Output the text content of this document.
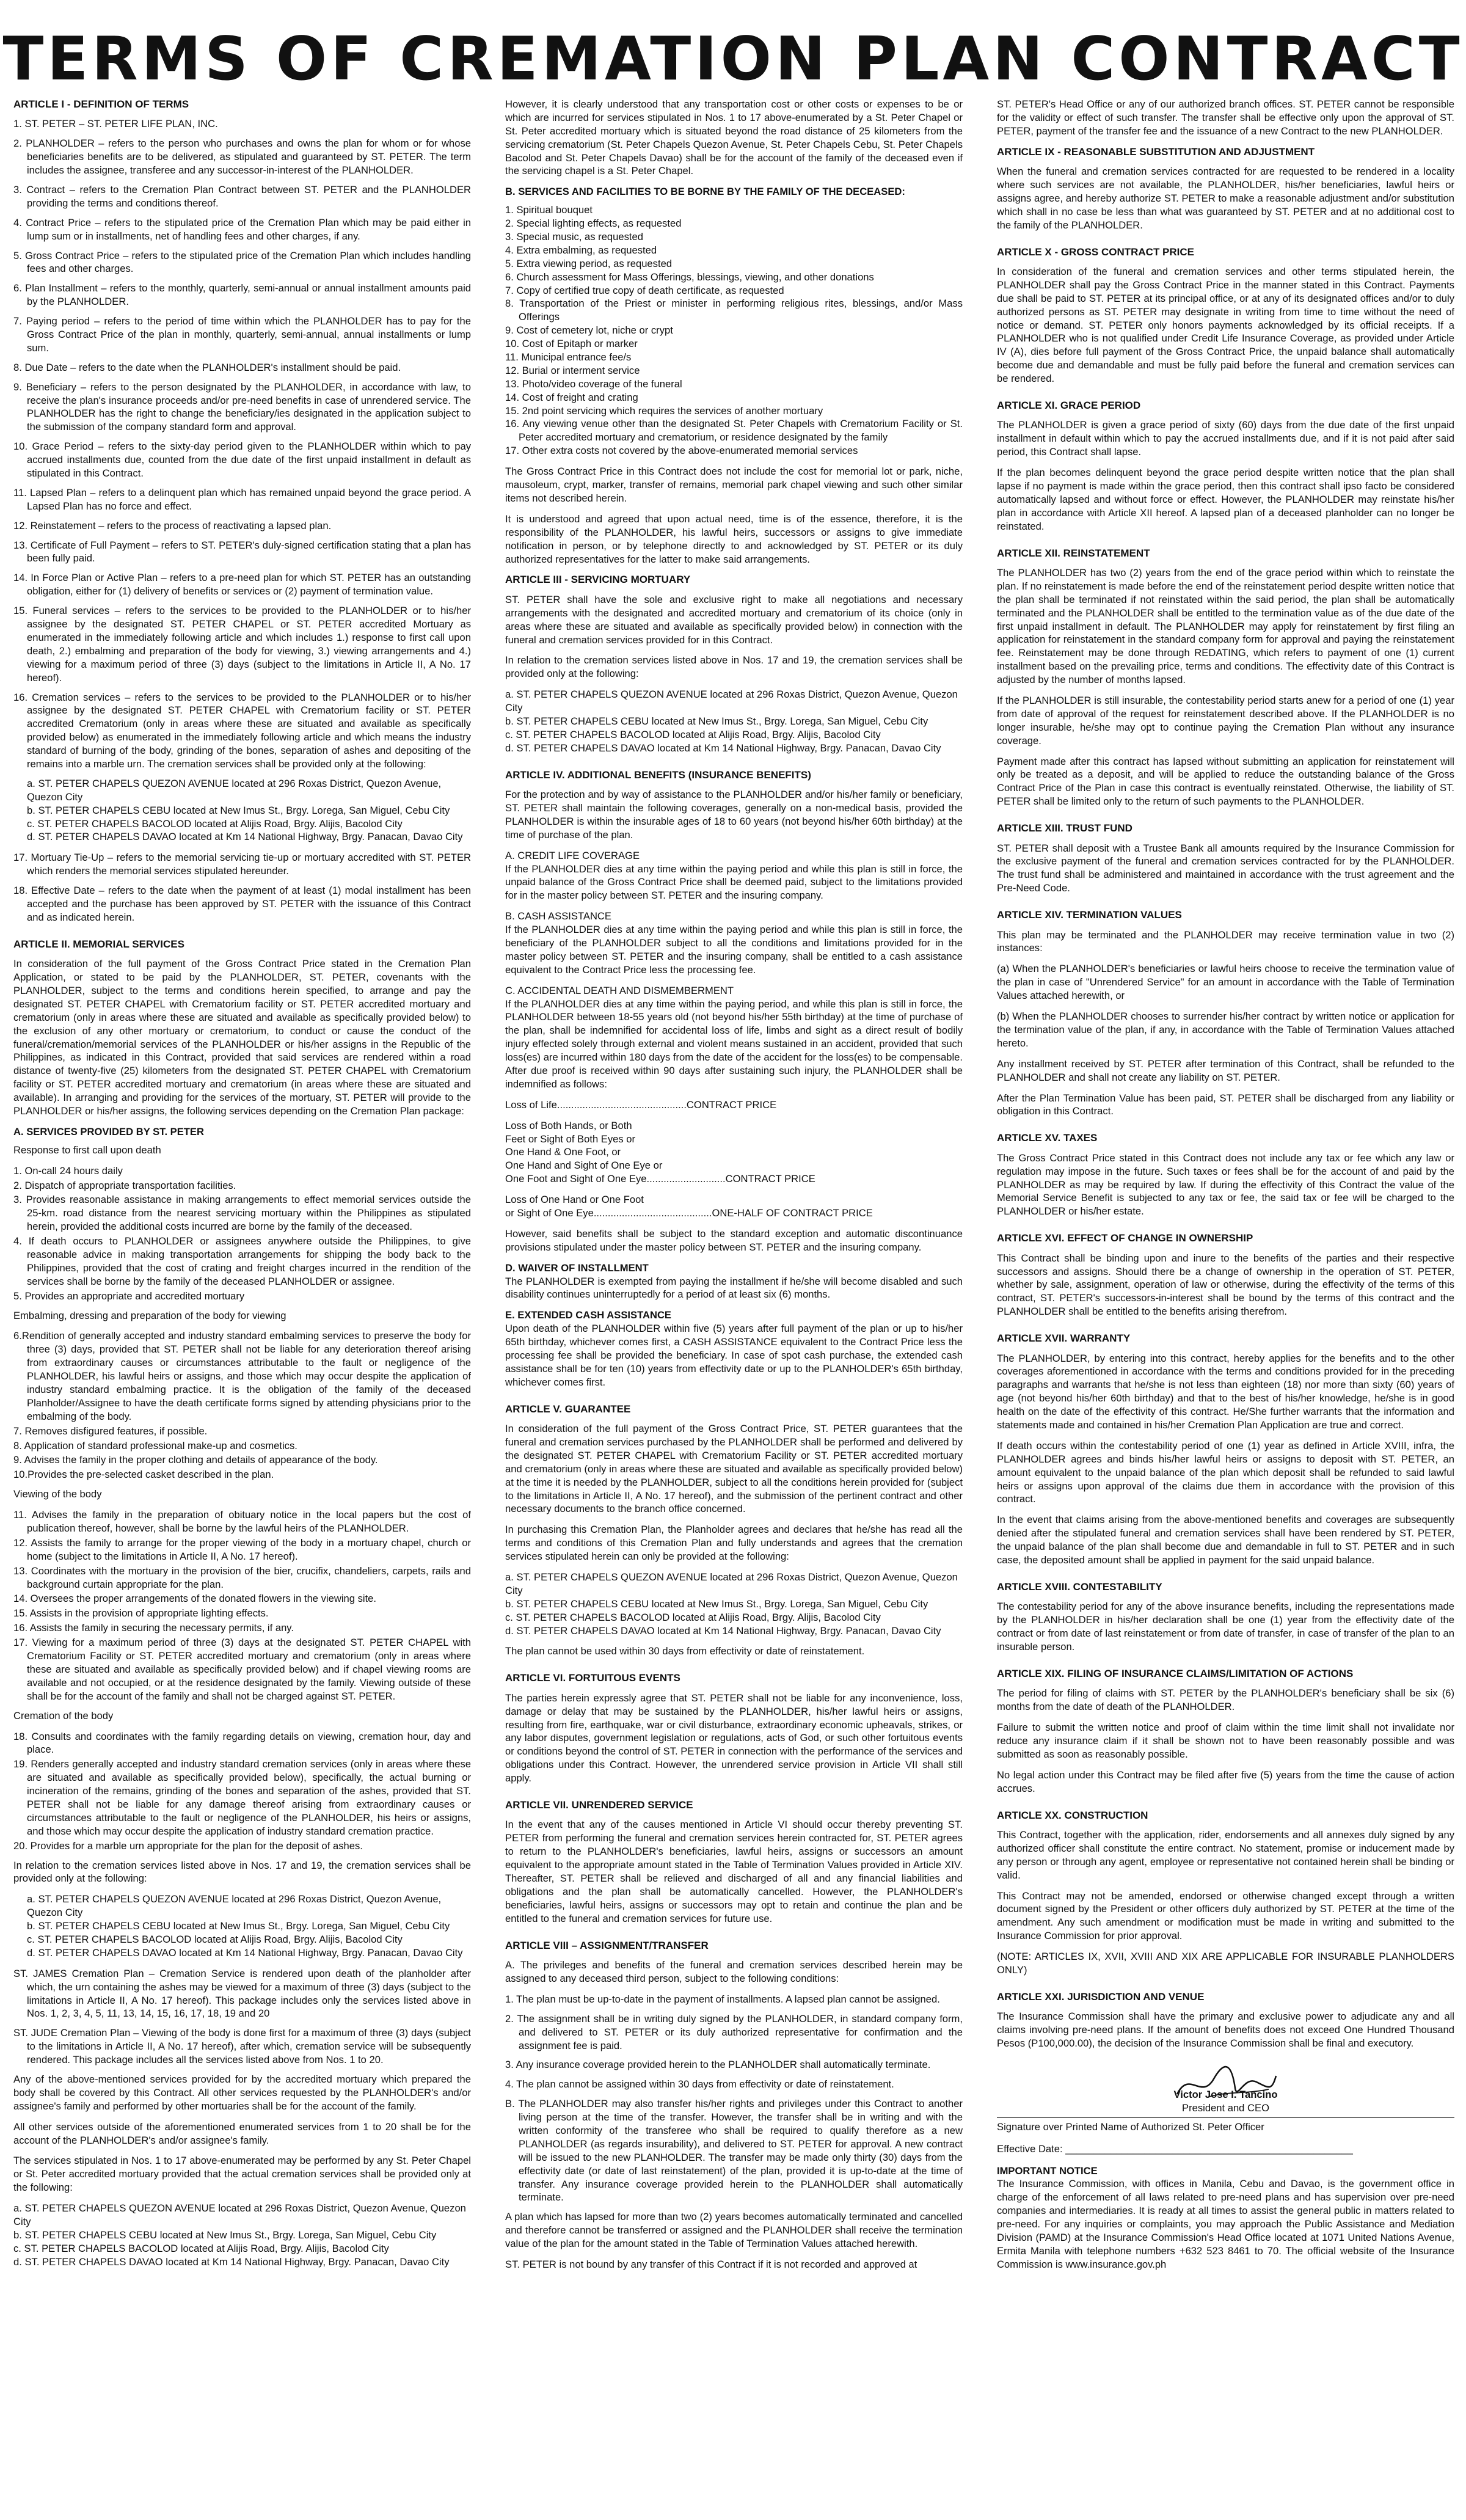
TERMS OF CREMATION PLAN CONTRACT
ARTICLE I - DEFINITION OF TERMS

1. ST. PETER – ST. PETER LIFE PLAN, INC.

2. PLANHOLDER – refers to the person who purchases and owns the plan for whom or for whose beneficiaries benefits are to be delivered, as stipulated and guaranteed by ST. PETER. The term includes the assignee, transferee and any successor-in-interest of the PLANHOLDER.

3. Contract – refers to the Cremation Plan Contract between ST. PETER and the PLANHOLDER providing the terms and conditions thereof.

4. Contract Price – refers to the stipulated price of the Cremation Plan which may be paid either in lump sum or in installments, net of handling fees and other charges, if any.

5. Gross Contract Price – refers to the stipulated price of the Cremation Plan which includes handling fees and other charges.

6. Plan Installment – refers to the monthly, quarterly, semi-annual or annual installment amounts paid by the PLANHOLDER.

7. Paying period – refers to the period of time within which the PLANHOLDER has to pay for the Gross Contract Price of the plan in monthly, quarterly, semi-annual, annual installments or lump sum.

8. Due Date – refers to the date when the PLANHOLDER's installment should be paid.

9. Beneficiary – refers to the person designated by the PLANHOLDER, in accordance with law, to receive the plan's insurance proceeds and/or pre-need benefits in case of unrendered service. The PLANHOLDER has the right to change the beneficiary/ies designated in the application subject to the submission of the company standard form and approval.

10. Grace Period – refers to the sixty-day period given to the PLANHOLDER within which to pay accrued installments due, counted from the due date of the first unpaid installment in default as stipulated in this Contract.

11. Lapsed Plan – refers to a delinquent plan which has remained unpaid beyond the grace period. A Lapsed Plan has no force and effect.

12. Reinstatement – refers to the process of reactivating a lapsed plan.

13. Certificate of Full Payment – refers to ST. PETER's duly-signed certification stating that a plan has been fully paid.

14. In Force Plan or Active Plan – refers to a pre-need plan for which ST. PETER has an outstanding obligation, either for (1) delivery of benefits or services or (2) payment of termination value.

15. Funeral services – refers to the services to be provided to the PLANHOLDER or to his/her assignee by the designated ST. PETER CHAPEL or ST. PETER accredited Mortuary as enumerated in the immediately following article and which includes 1.) response to first call upon death, 2.) embalming and preparation of the body for viewing, 3.) viewing arrangements and 4.) viewing for a maximum period of three (3) days (subject to the limitations in Article II, A No. 17 hereof).

16. Cremation services – refers to the services to be provided to the PLANHOLDER or to his/her assignee by the designated ST. PETER CHAPEL with Crematorium facility or ST. PETER accredited Crematorium (only in areas where these are situated and available as specifically provided below) as enumerated in the immediately following article and which means the industry standard of burning of the body, grinding of the bones, separation of ashes and depositing of the remains into a marble urn. The cremation services shall be provided only at the following:

a. ST. PETER CHAPELS QUEZON AVENUE located at 296 Roxas District, Quezon Avenue, Quezon City

b. ST. PETER CHAPELS CEBU located at New Imus St., Brgy. Lorega, San Miguel, Cebu City

c. ST. PETER CHAPELS BACOLOD located at Alijis Road, Brgy. Alijis, Bacolod City

d. ST. PETER CHAPELS DAVAO located at Km 14 National Highway, Brgy. Panacan, Davao City

17. Mortuary Tie-Up – refers to the memorial servicing tie-up or mortuary accredited with ST. PETER which renders the memorial services stipulated hereunder.

18. Effective Date – refers to the date when the payment of at least (1) modal installment has been accepted and the purchase has been approved by ST. PETER with the issuance of this Contract and as indicated herein.

ARTICLE II. MEMORIAL SERVICES

In consideration of the full payment of the Gross Contract Price stated in the Cremation Plan Application, or stated to be paid by the PLANHOLDER, ST. PETER, covenants with the PLANHOLDER, subject to the terms and conditions herein specified, to arrange and pay the designated ST. PETER CHAPEL with Crematorium facility or ST. PETER accredited mortuary and crematorium (only in areas where these are situated and available as specifically provided below) to the exclusion of any other mortuary or crematorium, to conduct or cause the conduct of the funeral/cremation/memorial services of the PLANHOLDER or his/her assigns in the Republic of the Philippines, as indicated in this Contract, provided that said services are rendered within a road distance of twenty-five (25) kilometers from the designated ST. PETER CHAPEL with Crematorium facility or ST. PETER accredited mortuary and crematorium (in areas where these are situated and available). In arranging and providing for the services of the mortuary, ST. PETER will provide to the PLANHOLDER or his/her assigns, the following services depending on the Cremation Plan package:

A. SERVICES PROVIDED BY ST. PETER

Response to first call upon death

1. On-call 24 hours daily

2. Dispatch of appropriate transportation facilities.

3. Provides reasonable assistance in making arrangements to effect memorial services outside the 25-km. road distance from the nearest servicing mortuary within the Philippines as stipulated herein, provided the additional costs incurred are borne by the family of the deceased.

4. If death occurs to PLANHOLDER or assignees anywhere outside the Philippines, to give reasonable advice in making transportation arrangements for shipping the body back to the Philippines, provided that the cost of crating and freight charges incurred in the rendition of the services shall be borne by the family of the deceased PLANHOLDER or assignee.

5. Provides an appropriate and accredited mortuary

Embalming, dressing and preparation of the body for viewing

6.Rendition of generally accepted and industry standard embalming services to preserve the body for three (3) days, provided that ST. PETER shall not be liable for any deterioration thereof arising from extraordinary causes or circumstances attributable to the fault or negligence of the PLANHOLDER, his lawful heirs or assigns, and those which may occur despite the application of industry standard embalming practice. It is the obligation of the family of the deceased Planholder/Assignee to have the death certificate forms signed by attending physicians prior to the embalming of the body.

7. Removes disfigured features, if possible.

8. Application of standard professional make-up and cosmetics.

9. Advises the family in the proper clothing and details of appearance of the body.

10.Provides the pre-selected casket described in the plan.

Viewing of the body

11. Advises the family in the preparation of obituary notice in the local papers but the cost of publication thereof, however, shall be borne by the lawful heirs of the PLANHOLDER.

12. Assists the family to arrange for the proper viewing of the body in a mortuary chapel, church or home (subject to the limitations in Article II, A No. 17 hereof).

13. Coordinates with the mortuary in the provision of the bier, crucifix, chandeliers, carpets, rails and background curtain appropriate for the plan.

14. Oversees the proper arrangements of the donated flowers in the viewing site.

15. Assists in the provision of appropriate lighting effects.

16. Assists the family in securing the necessary permits, if any.

17. Viewing for a maximum period of three (3) days at the designated ST. PETER CHAPEL with Crematorium Facility or ST. PETER accredited mortuary and crematorium (only in areas where these are situated and available as specifically provided below) and if chapel viewing rooms are available and not occupied, or at the residence designated by the family. Viewing outside of these shall be for the account of the family and shall not be charged against ST. PETER.

Cremation of the body

18. Consults and coordinates with the family regarding details on viewing, cremation hour, day and place.

19. Renders generally accepted and industry standard cremation services (only in areas where these are situated and available as specifically provided below), specifically, the actual burning or incineration of the remains, grinding of the bones and separation of the ashes, provided that ST. PETER shall not be liable for any damage thereof arising from extraordinary causes or circumstances attributable to the fault or negligence of the PLANHOLDER, his heirs or assigns, and those which may occur despite the application of industry standard cremation practice.

20. Provides for a marble urn appropriate for the plan for the deposit of ashes.

In relation to the cremation services listed above in Nos. 17 and 19, the cremation services shall be provided only at the following:

a. ST. PETER CHAPELS QUEZON AVENUE located at 296 Roxas District, Quezon Avenue, Quezon City

b. ST. PETER CHAPELS CEBU located at New Imus St., Brgy. Lorega, San Miguel, Cebu City

c. ST. PETER CHAPELS BACOLOD located at Alijis Road, Brgy. Alijis, Bacolod City

d. ST. PETER CHAPELS DAVAO located at Km 14 National Highway, Brgy. Panacan, Davao City

ST. JAMES Cremation Plan – Cremation Service is rendered upon death of the planholder after which, the urn containing the ashes may be viewed for a maximum of three (3) days (subject to the limitations in Article II, A No. 17 hereof). This package includes only the services listed above in Nos. 1, 2, 3, 4, 5, 11, 13, 14, 15, 16, 17, 18, 19 and 20

ST. JUDE Cremation Plan – Viewing of the body is done first for a maximum of three (3) days (subject to the limitations in Article II, A No. 17 hereof), after which, cremation service will be subsequently rendered. This package includes all the services listed above from Nos. 1 to 20.

Any of the above-mentioned services provided for by the accredited mortuary which prepared the body shall be covered by this Contract. All other services requested by the PLANHOLDER's and/or assignee's family and performed by other mortuaries shall be for the account of the family.

All other services outside of the aforementioned enumerated services from 1 to 20 shall be for the account of the PLANHOLDER's and/or assignee's family.

The services stipulated in Nos. 1 to 17 above-enumerated may be performed by any St. Peter Chapel or St. Peter accredited mortuary provided that the actual cremation services shall be provided only at the following:

a. ST. PETER CHAPELS QUEZON AVENUE located at 296 Roxas District, Quezon Avenue, Quezon City

b. ST. PETER CHAPELS CEBU located at New Imus St., Brgy. Lorega, San Miguel, Cebu City

c. ST. PETER CHAPELS BACOLOD located at Alijis Road, Brgy. Alijis, Bacolod City

d. ST. PETER CHAPELS DAVAO located at Km 14 National Highway, Brgy. Panacan, Davao City

However, it is clearly understood that any transportation cost or other costs or expenses to be or which are incurred for services stipulated in Nos. 1 to 17 above-enumerated by a St. Peter Chapel or St. Peter accredited mortuary which is situated beyond the road distance of 25 kilometers from the servicing crematorium (St. Peter Chapels Quezon Avenue, St. Peter Chapels Cebu, St. Peter Chapels Bacolod and St. Peter Chapels Davao) shall be for the account of the family of the deceased even if the servicing chapel is a St. Peter Chapel.

B. SERVICES AND FACILITIES TO BE BORNE BY THE FAMILY OF THE DECEASED:

1. Spiritual bouquet

2. Special lighting effects, as requested

3. Special music, as requested

4. Extra embalming, as requested

5. Extra viewing period, as requested

6. Church assessment for Mass Offerings, blessings, viewing, and other donations

7. Copy of certified true copy of death certificate, as requested

8. Transportation of the Priest or minister in performing religious rites, blessings, and/or Mass Offerings

9. Cost of cemetery lot, niche or crypt

10. Cost of Epitaph or marker

11. Municipal entrance fee/s

12. Burial or interment service

13. Photo/video coverage of the funeral

14. Cost of freight and crating

15. 2nd point servicing which requires the services of another mortuary

16. Any viewing venue other than the designated St. Peter Chapels with Crematorium Facility or St. Peter accredited mortuary and crematorium, or residence designated by the family

17. Other extra costs not covered by the above-enumerated memorial services

The Gross Contract Price in this Contract does not include the cost for memorial lot or park, niche, mausoleum, crypt, marker, transfer of remains, memorial park chapel viewing and such other similar items not described herein.

It is understood and agreed that upon actual need, time is of the essence, therefore, it is the responsibility of the PLANHOLDER, his lawful heirs, successors or assigns to give immediate notification in person, or by telephone directly to and acknowledged by ST. PETER or its duly authorized representatives for the latter to make said arrangements.

ARTICLE III - SERVICING MORTUARY

ST. PETER shall have the sole and exclusive right to make all negotiations and necessary arrangements with the designated and accredited mortuary and crematorium of its choice (only in areas where these are situated and available as specifically provided below) in connection with the funeral and cremation services provided for in this Contract.

In relation to the cremation services listed above in Nos. 17 and 19, the cremation services shall be provided only at the following:

a. ST. PETER CHAPELS QUEZON AVENUE located at 296 Roxas District, Quezon Avenue, Quezon City

b. ST. PETER CHAPELS CEBU located at New Imus St., Brgy. Lorega, San Miguel, Cebu City

c. ST. PETER CHAPELS BACOLOD located at Alijis Road, Brgy. Alijis, Bacolod City

d. ST. PETER CHAPELS DAVAO located at Km 14 National Highway, Brgy. Panacan, Davao City

ARTICLE IV. ADDITIONAL BENEFITS (INSURANCE BENEFITS)

For the protection and by way of assistance to the PLANHOLDER and/or his/her family or beneficiary, ST. PETER shall maintain the following coverages, generally on a non-medical basis, provided the PLANHOLDER is within the insurable ages of 18 to 60 years (not beyond his/her 60th birthday) at the time of purchase of the plan.

A. CREDIT LIFE COVERAGE

If the PLANHOLDER dies at any time within the paying period and while this plan is still in force, the unpaid balance of the Gross Contract Price shall be deemed paid, subject to the limitations provided for in the master policy between ST. PETER and the insuring company.

B. CASH ASSISTANCE

If the PLANHOLDER dies at any time within the paying period and while this plan is still in force, the beneficiary of the PLANHOLDER subject to all the conditions and limitations provided for in the master policy between ST. PETER and the insuring company, shall be entitled to a cash assistance equivalent to the Contract Price less the processing fee.

C. ACCIDENTAL DEATH AND DISMEMBERMENT

If the PLANHOLDER dies at any time within the paying period, and while this plan is still in force, the PLANHOLDER between 18-55 years old (not beyond his/her 55th birthday) at the time of purchase of the plan, shall be indemnified for accidental loss of life, limbs and sight as a direct result of bodily injury effected solely through external and violent means sustained in an accident, provided that such loss(es) are incurred within 180 days from the date of the accident for the loss(es) to be compensable. After due proof is received within 90 days after sustaining such injury, the PLANHOLDER shall be indemnified as follows:

Loss of Life..............................................CONTRACT PRICE

Loss of Both Hands, or Both

Feet or Sight of Both Eyes or

One Hand & One Foot, or

One Hand and Sight of One Eye or

One Foot and Sight of One Eye............................CONTRACT PRICE

Loss of One Hand or One Foot

or Sight of One Eye..........................................ONE-HALF OF CONTRACT PRICE

However, said benefits shall be subject to the standard exception and automatic discontinuance provisions stipulated under the master policy between ST. PETER and the insuring company.

D. WAIVER OF INSTALLMENT

The PLANHOLDER is exempted from paying the installment if he/she will become disabled and such disability continues uninterruptedly for a period of at least six (6) months.

E. EXTENDED CASH ASSISTANCE

Upon death of the PLANHOLDER within five (5) years after full payment of the plan or up to his/her 65th birthday, whichever comes first, a CASH ASSISTANCE equivalent to the Contract Price less the processing fee shall be provided the beneficiary. In case of spot cash purchase, the extended cash assistance shall be for ten (10) years from effectivity date or up to the PLANHOLDER's 65th birthday, whichever comes first.

ARTICLE V. GUARANTEE

In consideration of the full payment of the Gross Contract Price, ST. PETER guarantees that the funeral and cremation services purchased by the PLANHOLDER shall be performed and delivered by the designated ST. PETER CHAPEL with Crematorium Facility or ST. PETER accredited mortuary and crematorium (only in areas where these are situated and available as specifically provided below) at the time it is needed by the PLANHOLDER, subject to all the conditions herein provided for (subject to the limitations in Article II, A No. 17 hereof), and the submission of the pertinent contract and other necessary documents to the branch office concerned.

In purchasing this Cremation Plan, the Planholder agrees and declares that he/she has read all the terms and conditions of this Cremation Plan and fully understands and agrees that the cremation services stipulated herein can only be provided at the following:

a. ST. PETER CHAPELS QUEZON AVENUE located at 296 Roxas District, Quezon Avenue, Quezon City

b. ST. PETER CHAPELS CEBU located at New Imus St., Brgy. Lorega, San Miguel, Cebu City

c. ST. PETER CHAPELS BACOLOD located at Alijis Road, Brgy. Alijis, Bacolod City

d. ST. PETER CHAPELS DAVAO located at Km 14 National Highway, Brgy. Panacan, Davao City

The plan cannot be used within 30 days from effectivity or date of reinstatement.

ARTICLE VI. FORTUITOUS EVENTS

The parties herein expressly agree that ST. PETER shall not be liable for any inconvenience, loss, damage or delay that may be sustained by the PLANHOLDER, his/her lawful heirs or assigns, resulting from fire, earthquake, war or civil disturbance, extraordinary economic upheavals, strikes, or any labor disputes, government legislation or regulations, acts of God, or such other fortuitous events or conditions beyond the control of ST. PETER in connection with the performance of the services and obligations under this Contract. However, the unrendered service provision in Article VII shall still apply.

ARTICLE VII. UNRENDERED SERVICE

In the event that any of the causes mentioned in Article VI should occur thereby preventing ST. PETER from performing the funeral and cremation services herein contracted for, ST. PETER agrees to return to the PLANHOLDER's beneficiaries, lawful heirs, assigns or successors an amount equivalent to the appropriate amount stated in the Table of Termination Values provided in Article XIV. Thereafter, ST. PETER shall be relieved and discharged of all and any financial liabilities and obligations and the plan shall be automatically cancelled. However, the PLANHOLDER's beneficiaries, lawful heirs, assigns or successors may opt to retain and continue the plan and be entitled to the funeral and cremation services for future use.

ARTICLE VIII – ASSIGNMENT/TRANSFER

A. The privileges and benefits of the funeral and cremation services described herein may be assigned to any deceased third person, subject to the following conditions:

1. The plan must be up-to-date in the payment of installments. A lapsed plan cannot be assigned.

2. The assignment shall be in writing duly signed by the PLANHOLDER, in standard company form, and delivered to ST. PETER or its duly authorized representative for confirmation and the assignment fee is paid.

3. Any insurance coverage provided herein to the PLANHOLDER shall automatically terminate.

4. The plan cannot be assigned within 30 days from effectivity or date of reinstatement.

B. The PLANHOLDER may also transfer his/her rights and privileges under this Contract to another living person at the time of the transfer. However, the transfer shall be in writing and with the written conformity of the transferee who shall be required to qualify therefore as a new PLANHOLDER (as regards insurability), and delivered to ST. PETER for approval. A new contract will be issued to the new PLANHOLDER. The transfer may be made only thirty (30) days from the effectivity date (or date of last reinstatement) of the plan, provided it is up-to-date at the time of transfer. Any insurance coverage provided herein to the PLANHOLDER shall automatically terminate.

A plan which has lapsed for more than two (2) years becomes automatically terminated and cancelled and therefore cannot be transferred or assigned and the PLANHOLDER shall receive the termination value of the plan for the amount stated in the Table of Termination Values attached herewith.

ST. PETER is not bound by any transfer of this Contract if it is not recorded and approved at

ST. PETER's Head Office or any of our authorized branch offices. ST. PETER cannot be responsible for the validity or effect of such transfer. The transfer shall be effective only upon the approval of ST. PETER, payment of the transfer fee and the issuance of a new Contract to the new PLANHOLDER.

ARTICLE IX - REASONABLE SUBSTITUTION AND ADJUSTMENT

When the funeral and cremation services contracted for are requested to be rendered in a locality where such services are not available, the PLANHOLDER, his/her beneficiaries, lawful heirs or assigns agree, and hereby authorize ST. PETER to make a reasonable adjustment and/or substitution which shall in no case be less than what was guaranteed by ST. PETER and at no additional cost to the family of the PLANHOLDER.

ARTICLE X - GROSS CONTRACT PRICE

In consideration of the funeral and cremation services and other terms stipulated herein, the PLANHOLDER shall pay the Gross Contract Price in the manner stated in this Contract. Payments due shall be paid to ST. PETER at its principal office, or at any of its designated offices and/or to duly authorized persons as ST. PETER may designate in writing from time to time without the need of notice or demand. ST. PETER only honors payments acknowledged by its official receipts. If a PLANHOLDER who is not qualified under Credit Life Insurance Coverage, as provided under Article IV (A), dies before full payment of the Gross Contract Price, the unpaid balance shall automatically become due and demandable and must be fully paid before the funeral and cremation services can be rendered.

ARTICLE XI. GRACE PERIOD

The PLANHOLDER is given a grace period of sixty (60) days from the due date of the first unpaid installment in default within which to pay the accrued installments due, and if it is not paid after said period, this Contract shall lapse.

If the plan becomes delinquent beyond the grace period despite written notice that the plan shall lapse if no payment is made within the grace period, then this contract shall ipso facto be considered automatically lapsed and without force or effect. However, the PLANHOLDER may reinstate his/her plan in accordance with Article XII hereof. A lapsed plan of a deceased planholder can no longer be reinstated.

ARTICLE XII. REINSTATEMENT

The PLANHOLDER has two (2) years from the end of the grace period within which to reinstate the plan. If no reinstatement is made before the end of the reinstatement period despite written notice that the plan shall be terminated if not reinstated within the said period, the plan shall be automatically terminated and the PLANHOLDER shall be entitled to the termination value as of the due date of the first unpaid installment in default. The PLANHOLDER may apply for reinstatement by first filing an application for reinstatement in the standard company form for approval and paying the reinstatement fee. Reinstatement may be done through REDATING, which refers to payment of one (1) current installment based on the prevailing price, terms and conditions. The effectivity date of this Contract is adjusted by the number of months lapsed.

If the PLANHOLDER is still insurable, the contestability period starts anew for a period of one (1) year from date of approval of the request for reinstatement described above. If the PLANHOLDER is no longer insurable, he/she may opt to continue paying the Cremation Plan without any insurance coverage.

Payment made after this contract has lapsed without submitting an application for reinstatement will only be treated as a deposit, and will be applied to reduce the outstanding balance of the Gross Contract Price of the Plan in case this contract is eventually reinstated. Otherwise, the liability of ST. PETER shall be limited only to the return of such payments to the PLANHOLDER.

ARTICLE XIII. TRUST FUND

ST. PETER shall deposit with a Trustee Bank all amounts required by the Insurance Commission for the exclusive payment of the funeral and cremation services contracted for by the PLANHOLDER. The trust fund shall be administered and maintained in accordance with the trust agreement and the Pre-Need Code.

ARTICLE XIV. TERMINATION VALUES

This plan may be terminated and the PLANHOLDER may receive termination value in two (2) instances:

(a) When the PLANHOLDER's beneficiaries or lawful heirs choose to receive the termination value of the plan in case of "Unrendered Service" for an amount in accordance with the Table of Termination Values attached herewith, or

(b) When the PLANHOLDER chooses to surrender his/her contract by written notice or application for the termination value of the plan, if any, in accordance with the Table of Termination Values attached hereto.

Any installment received by ST. PETER after termination of this Contract, shall be refunded to the PLANHOLDER and shall not create any liability on ST. PETER.

After the Plan Termination Value has been paid, ST. PETER shall be discharged from any liability or obligation in this Contract.

ARTICLE XV. TAXES

The Gross Contract Price stated in this Contract does not include any tax or fee which any law or regulation may impose in the future. Such taxes or fees shall be for the account of and paid by the PLANHOLDER as may be required by law. If during the effectivity of this Contract the value of the Memorial Service Benefit is subjected to any tax or fee, the said tax or fee will be charged to the PLANHOLDER or his/her estate.

ARTICLE XVI. EFFECT OF CHANGE IN OWNERSHIP

This Contract shall be binding upon and inure to the benefits of the parties and their respective successors and assigns. Should there be a change of ownership in the operation of ST. PETER, whether by sale, assignment, operation of law or otherwise, during the effectivity of the terms of this contract, ST. PETER's successors-in-interest shall be bound by the terms of this contract and the PLANHOLDER shall be entitled to the benefits arising therefrom.

ARTICLE XVII. WARRANTY

The PLANHOLDER, by entering into this contract, hereby applies for the benefits and to the other coverages aforementioned in accordance with the terms and conditions provided for in the preceding paragraphs and warrants that he/she is not less than eighteen (18) nor more than sixty (60) years of age (not beyond his/her 60th birthday) and that to the best of his/her knowledge, he/she is in good health on the date of the effectivity of this contract. He/She further warrants that the information and statements made and contained in his/her Cremation Plan Application are true and correct.

If death occurs within the contestability period of one (1) year as defined in Article XVIII, infra, the PLANHOLDER agrees and binds his/her lawful heirs or assigns to deposit with ST. PETER, an amount equivalent to the unpaid balance of the plan which deposit shall be refunded to said lawful heirs or assigns upon approval of the claims due them in accordance with the provision of this contract.

In the event that claims arising from the above-mentioned benefits and coverages are subsequently denied after the stipulated funeral and cremation services shall have been rendered by ST. PETER, the unpaid balance of the plan shall become due and demandable in full to ST. PETER and in such case, the deposited amount shall be applied in payment for the said unpaid balance.

ARTICLE XVIII. CONTESTABILITY

The contestability period for any of the above insurance benefits, including the representations made by the PLANHOLDER in his/her declaration shall be one (1) year from the effectivity date of the contract or from date of last reinstatement or from date of transfer, in case of transfer of the plan to an insurable person.

ARTICLE XIX. FILING OF INSURANCE CLAIMS/LIMITATION OF ACTIONS

The period for filing of claims with ST. PETER by the PLANHOLDER's beneficiary shall be six (6) months from the date of death of the PLANHOLDER.

Failure to submit the written notice and proof of claim within the time limit shall not invalidate nor reduce any insurance claim if it shall be shown not to have been reasonably possible and was submitted as soon as reasonably possible.

No legal action under this Contract may be filed after five (5) years from the time the cause of action accrues.

ARTICLE XX. CONSTRUCTION

This Contract, together with the application, rider, endorsements and all annexes duly signed by any authorized officer shall constitute the entire contract. No statement, promise or inducement made by any person or through any agent, employee or representative not contained herein shall be binding or valid.

This Contract may not be amended, endorsed or otherwise changed except through a written document signed by the President or other officers duly authorized by ST. PETER at the time of the amendment. Any such amendment or modification must be made in writing and submitted to the Insurance Commission for prior approval.

(NOTE: ARTICLES IX, XVII, XVIII AND XIX ARE APPLICABLE FOR INSURABLE PLANHOLDERS ONLY)

ARTICLE XXI. JURISDICTION AND VENUE

The Insurance Commission shall have the primary and exclusive power to adjudicate any and all claims involving pre-need plans. If the amount of benefits does not exceed One Hundred Thousand Pesos (P100,000.00), the decision of the Insurance Commission shall be final and executory.

Victor Jose I. Tancino

President and CEO

Signature over Printed Name of Authorized St. Peter Officer

Effective Date: ___________________________________________________

IMPORTANT NOTICE

The Insurance Commission, with offices in Manila, Cebu and Davao, is the government office in charge of the enforcement of all laws related to pre-need plans and has supervision over pre-need companies and intermediaries. It is ready at all times to assist the general public in matters related to pre-need. For any inquiries or complaints, you may approach the Public Assistance and Mediation Division (PAMD) at the Insurance Commission's Head Office located at 1071 United Nations Avenue, Ermita Manila with telephone numbers +632 523 8461 to 70. The official website of the Insurance Commission is www.insurance.gov.ph
